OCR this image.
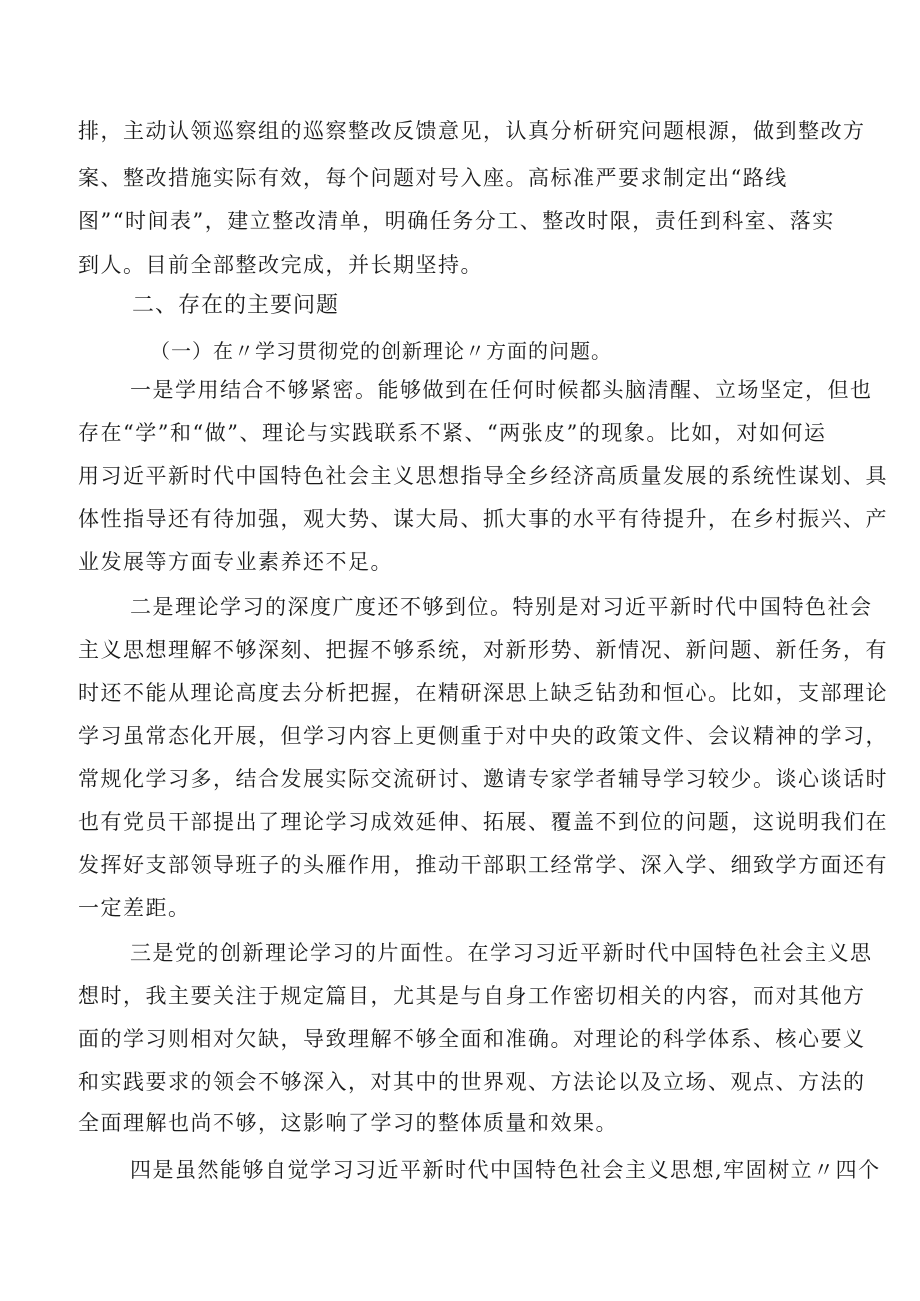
排，主动认领巡察组的巡察整改反馈意见，认真分析研究问题根源，做到整改方
案、整改措施实际有效，每个问题对号入座。高标准严要求制定出“路线
图”“时间表”，建立整改清单，明确任务分工、整改时限，责任到科室、落实
到人。目前全部整改完成，并长期坚持。
二、存在的主要问题
（一）在〃学习贯彻党的创新理论〃方面的问题。
一是学用结合不够紧密。能够做到在任何时候都头脑清醒、立场坚定，但也
存在“学”和“做”、理论与实践联系不紧、“两张皮”的现象。比如，对如何运
用习近平新时代中国特色社会主义思想指导全乡经济高质量发展的系统性谋划、具
体性指导还有待加强，观大势、谋大局、抓大事的水平有待提升，在乡村振兴、产
业发展等方面专业素养还不足。
二是理论学习的深度广度还不够到位。特别是对习近平新时代中国特色社会
主义思想理解不够深刻、把握不够系统，对新形势、新情况、新问题、新任务，有
时还不能从理论高度去分析把握，在精研深思上缺乏钻劲和恒心。比如，支部理论
学习虽常态化开展，但学习内容上更侧重于对中央的政策文件、会议精神的学习，
常规化学习多，结合发展实际交流研讨、邀请专家学者辅导学习较少。谈心谈话时
也有党员干部提出了理论学习成效延伸、拓展、覆盖不到位的问题，这说明我们在
发挥好支部领导班子的头雁作用，推动干部职工经常学、深入学、细致学方面还有
一定差距。
三是党的创新理论学习的片面性。在学习习近平新时代中国特色社会主义思
想时，我主要关注于规定篇目，尤其是与自身工作密切相关的内容，而对其他方
面的学习则相对欠缺，导致理解不够全面和准确。对理论的科学体系、核心要义
和实践要求的领会不够深入，对其中的世界观、方法论以及立场、观点、方法的
全面理解也尚不够，这影响了学习的整体质量和效果。
四是虽然能够自觉学习习近平新时代中国特色社会主义思想,牢固树立〃四个
